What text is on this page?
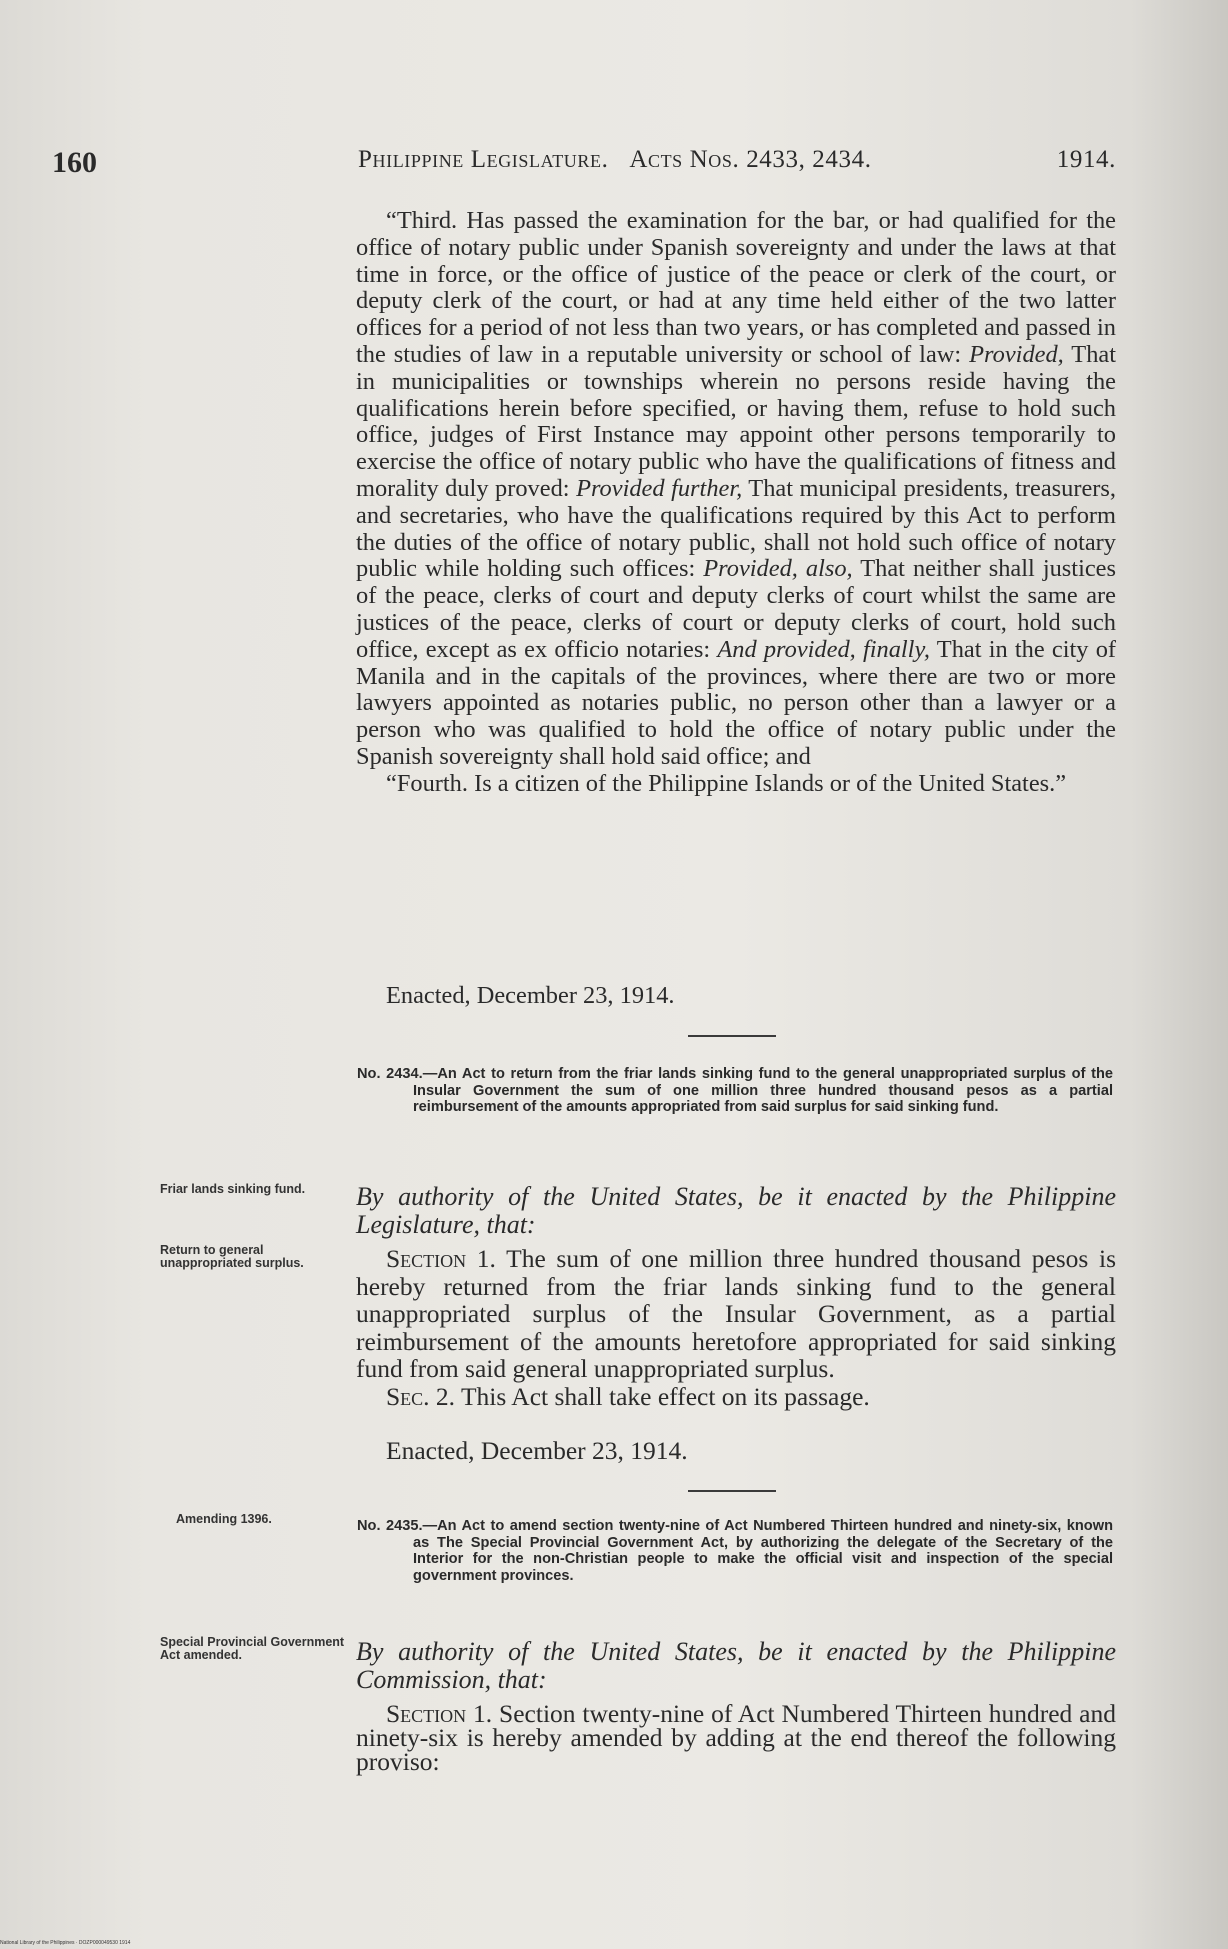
160	Philippine Legislature. Acts Nos. 2433, 2434.	1914.

“Third. Has passed the examination for the bar, or had qualified for the office of notary public under Spanish sovereignty and under the laws at that time in force, or the office of justice of the peace or clerk of the court, or deputy clerk of the court, or had at any time held either of the two latter offices for a period of not less than two years, or has completed and passed in the studies of law in a reputable university or school of law: Provided, That in municipalities or townships wherein no persons reside having the qualifications herein before specified, or having them, refuse to hold such office, judges of First Instance may appoint other persons temporarily to exercise the office of notary public who have the qualifications of fitness and morality duly proved: Provided further, That municipal presidents, treasurers, and secretaries, who have the qualifications required by this Act to perform the duties of the office of notary public, shall not hold such office of notary public while holding such offices: Provided, also, That neither shall justices of the peace, clerks of court and deputy clerks of court whilst the same are justices of the peace, clerks of court or deputy clerks of court, hold such office, except as ex officio notaries: And provided, finally, That in the city of Manila and in the capitals of the provinces, where there are two or more lawyers appointed as notaries public, no person other than a lawyer or a person who was qualified to hold the office of notary public under the Spanish sovereignty shall hold said office; and

“Fourth. Is a citizen of the Philippine Islands or of the United States.”

Enacted, December 23, 1914.
No. 2434.—An Act to return from the friar lands sinking fund to the general unappropriated surplus of the Insular Government the sum of one million three hundred thousand pesos as a partial reimbursement of the amounts appropriated from said surplus for said sinking fund.
Friar lands sinking fund.	By authority of the United States, be it enacted by the Philippine Legislature, that:
Return to general unappropriated surplus.	Section 1. The sum of one million three hundred thousand pesos is hereby returned from the friar lands sinking fund to the general unappropriated surplus of the Insular Government, as a partial reimbursement of the amounts heretofore appropriated for said sinking fund from said general unappropriated surplus.

Sec. 2. This Act shall take effect on its passage.

Enacted, December 23, 1914.
Amending 1396.	No. 2435.—An Act to amend section twenty-nine of Act Numbered Thirteen hundred and ninety-six, known as The Special Provincial Government Act, by authorizing the delegate of the Secretary of the Interior for the non-Christian people to make the official visit and inspection of the special government provinces.
Special Provincial Government Act amended.	By authority of the United States, be it enacted by the Philippine Commission, that:

Section 1. Section twenty-nine of Act Numbered Thirteen hundred and ninety-six is hereby amended by adding at the end thereof the following proviso:

National Library of the Philippines · DOZP000049530 1914
